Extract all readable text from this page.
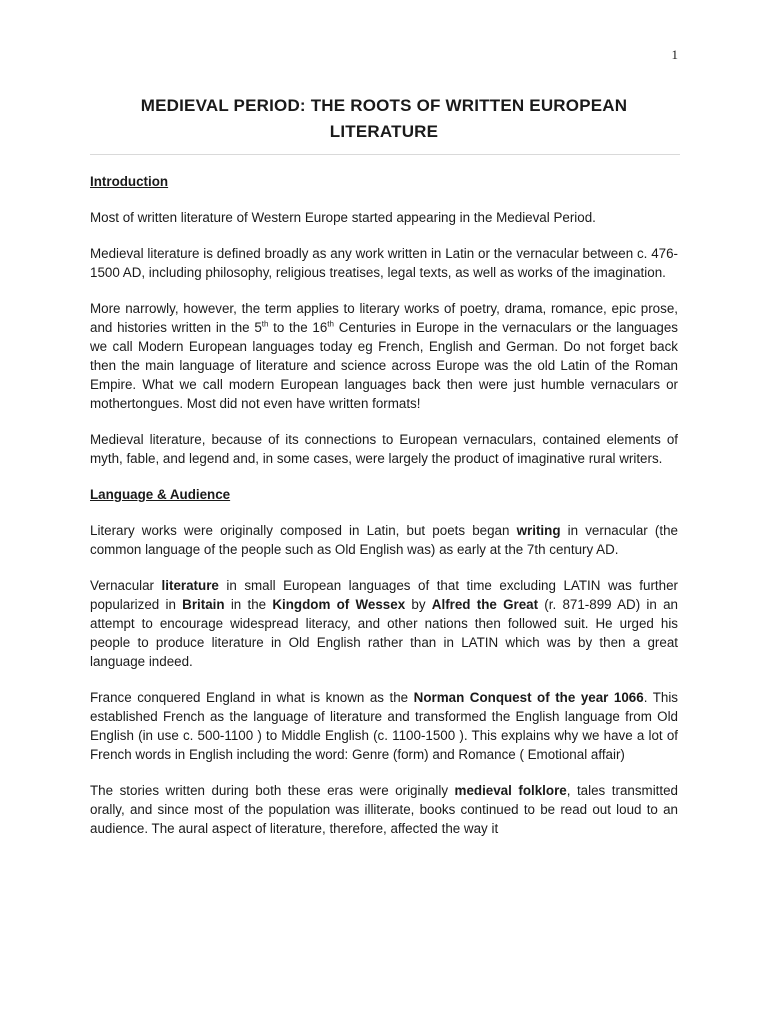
1
MEDIEVAL PERIOD: THE ROOTS OF WRITTEN EUROPEAN
LITERATURE
Introduction

Most of written literature of Western Europe started appearing in the Medieval Period.

Medieval literature is defined broadly as any work written in Latin or the vernacular between c. 476-1500 AD, including philosophy, religious treatises, legal texts, as well as works of the imagination.

More narrowly, however, the term applies to literary works of poetry, drama, romance, epic prose, and histories written in the 5th to the 16th Centuries in Europe in the vernaculars or the languages we call Modern European languages today eg French, English and German. Do not forget back then the main language of literature and science across Europe was the old Latin of the Roman Empire. What we call modern European languages back then were just humble vernaculars or mothertongues. Most did not even have written formats!

Medieval literature, because of its connections to European vernaculars, contained elements of myth, fable, and legend and, in some cases, were largely the product of imaginative rural writers.

Language & Audience

Literary works were originally composed in Latin, but poets began writing in vernacular (the common language of the people such as Old English was) as early at the 7th century AD.

Vernacular literature in small European languages of that time excluding LATIN was further popularized in Britain in the Kingdom of Wessex by Alfred the Great (r. 871-899 AD) in an attempt to encourage widespread literacy, and other nations then followed suit. He urged his people to produce literature in Old English rather than in LATIN which was by then a great language indeed.

France conquered England in what is known as the Norman Conquest of the year 1066. This established French as the language of literature and transformed the English language from Old English (in use c. 500-1100 ) to Middle English (c. 1100-1500 ). This explains why we have a lot of French words in English including the word: Genre (form) and Romance ( Emotional affair)

The stories written during both these eras were originally medieval folklore, tales transmitted orally, and since most of the population was illiterate, books continued to be read out loud to an audience. The aural aspect of literature, therefore, affected the way it
